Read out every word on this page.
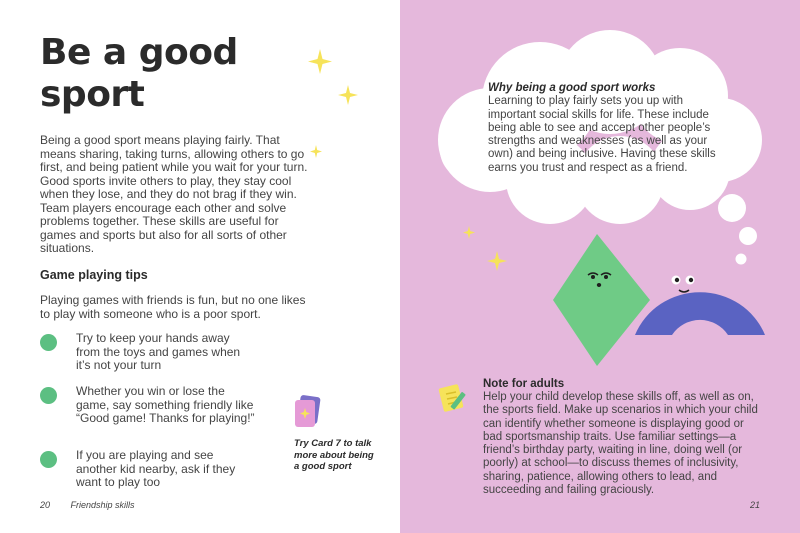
Be a good sport

Being a good sport means playing fairly. That means sharing, taking turns, allowing others to go first, and being patient while you wait for your turn. Good sports invite others to play, they stay cool when they lose, and they do not brag if they win. Team players encourage each other and solve problems together. These skills are useful for games and sports but also for all sorts of other situations.

Game playing tips

Playing games with friends is fun, but no one likes to play with someone who is a poor sport.

Try to keep your hands away from the toys and games when it’s not your turn

Whether you win or lose the game, say something friendly like “Good game! Thanks for playing!”

If you are playing and see another kid nearby, ask if they want to play too

Try Card 7 to talk more about being a good sport

20 Friendship skills
Why being a good sport works
Learning to play fairly sets you up with important social skills for life. These include being able to see and accept other people’s strengths and weaknesses (as well as your own) and being inclusive. Having these skills earns you trust and respect as a friend.
Note for adults

Help your child develop these skills off, as well as on, the sports field. Make up scenarios in which your child can identify whether someone is displaying good or bad sportsmanship traits. Use familiar settings—a friend’s birthday party, waiting in line, doing well (or poorly) at school—to discuss themes of inclusivity, sharing, patience, allowing others to lead, and succeeding and failing graciously.

21
